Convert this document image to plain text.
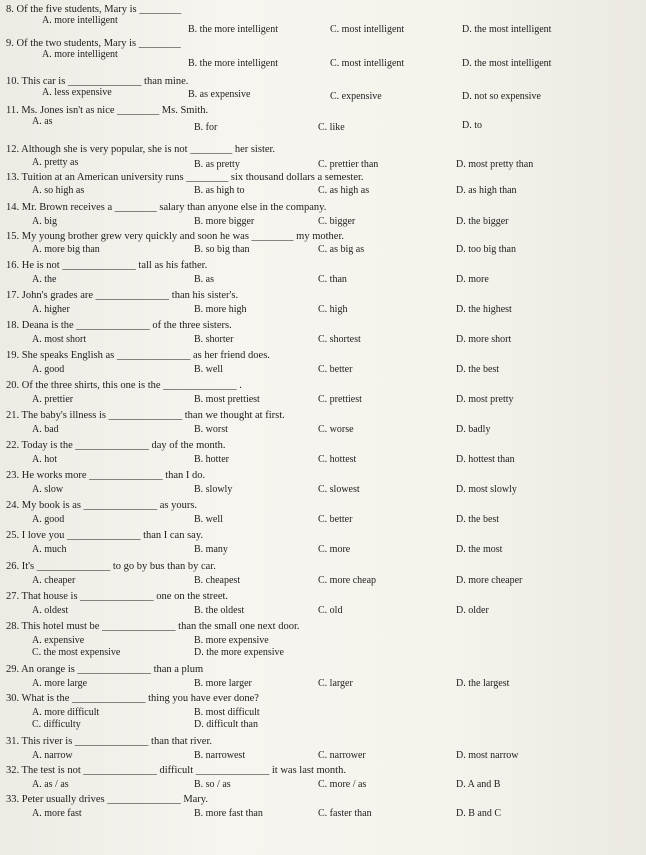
8. Of the five students, Mary is ________
A. more intelligent
B. the more intelligent	C. most intelligent	D. the most intelligent
9. Of the two students, Mary is ________
A. more intelligent
B. the more intelligent	C. most intelligent	D. the most intelligent
10. This car is ______________ than mine.
A. less expensive	B. as expensive	C. expensive	D. not so expensive
11. Ms. Jones isn't as nice ________ Ms. Smith.
A. as
B. for	C. like	D. to
12. Although she is very popular, she is not ________ her sister.
A. pretty as	B. as pretty	C. prettier than	D. most pretty than
13. Tuition at an American university runs ________ six thousand dollars a semester.
A. so high as	B. as high to	C. as high as	D. as high than
14. Mr. Brown receives a ________ salary than anyone else in the company.
A. big	B. more bigger	C. bigger	D. the bigger
15. My young brother grew very quickly and soon he was ________ my mother.
A. more big than	B. so big than	C. as big as	D. too big than
16. He is not ______________ tall as his father.
A. the	B. as	C. than	D. more
17. John's grades are ______________ than his sister's.
A. higher	B. more high	C. high	D. the highest
18. Deana is the ______________ of the three sisters.
A. most short	B. shorter	C. shortest	D. more short
19. She speaks English as ______________ as her friend does.
A. good	B. well	C. better	D. the best
20. Of the three shirts, this one is the ______________ .
A. prettier	B. most prettiest	C. prettiest	D. most pretty
21. The baby's illness is ______________ than we thought at first.
A. bad	B. worst	C. worse	D. badly
22. Today is the ______________ day of the month.
A. hot	B. hotter	C. hottest	D. hottest than
23. He works more ______________ than I do.
A. slow	B. slowly	C. slowest	D. most slowly
24. My book is as ______________ as yours.
A. good	B. well	C. better	D. the best
25. I love you ______________ than I can say.
A. much	B. many	C. more	D. the most
26. It's ______________ to go by bus than by car.
A. cheaper	B. cheapest	C. more cheap	D. more cheaper
27. That house is ______________ one on the street.
A. oldest	B. the oldest	C. old	D. older
28. This hotel must be ______________ than the small one next door.
A. expensive	B. more expensive
C. the most expensive	D. the more expensive
29. An orange is ______________ than a plum
A. more large	B. more larger	C. larger	D. the largest
30. What is the ______________ thing you have ever done?
A. more difficult	B. most difficult
C. difficulty	D. difficult than
31. This river is ______________ than that river.
A. narrow	B. narrowest	C. narrower	D. most narrow
32. The test is not ______________ difficult ______________ it was last month.
A. as / as	B. so / as	C. more / as	D. A and B
33. Peter usually drives ______________ Mary.
A. more fast	B. more fast than	C. faster than	D. B and C
